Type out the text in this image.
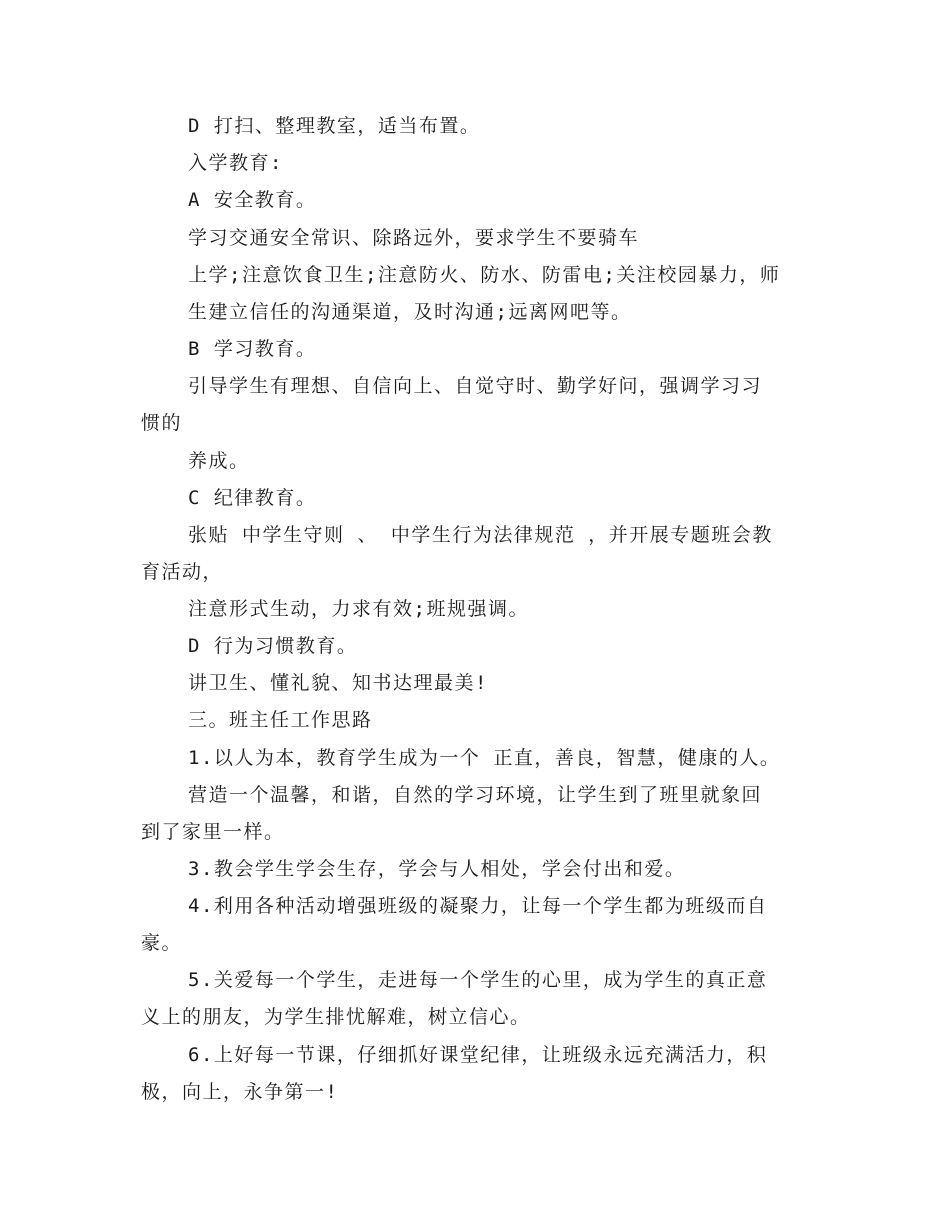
D 打扫、整理教室，适当布置。
入学教育:
A 安全教育。
学习交通安全常识、除路远外，要求学生不要骑车
上学;注意饮食卫生;注意防火、防水、防雷电;关注校园暴力，师
生建立信任的沟通渠道，及时沟通;远离网吧等。
B 学习教育。
引导学生有理想、自信向上、自觉守时、勤学好问，强调学习习
惯的
养成。
C 纪律教育。
张贴 中学生守则 、 中学生行为法律规范 ，并开展专题班会教
育活动，
注意形式生动，力求有效;班规强调。
D 行为习惯教育。
讲卫生、懂礼貌、知书达理最美!
三。班主任工作思路
1.以人为本，教育学生成为一个 正直，善良，智慧，健康的人。
营造一个温馨，和谐，自然的学习环境，让学生到了班里就象回
到了家里一样。
3.教会学生学会生存，学会与人相处，学会付出和爱。
4.利用各种活动增强班级的凝聚力，让每一个学生都为班级而自
豪。
5.关爱每一个学生，走进每一个学生的心里，成为学生的真正意
义上的朋友，为学生排忧解难，树立信心。
6.上好每一节课，仔细抓好课堂纪律，让班级永远充满活力，积
极，向上，永争第一!
